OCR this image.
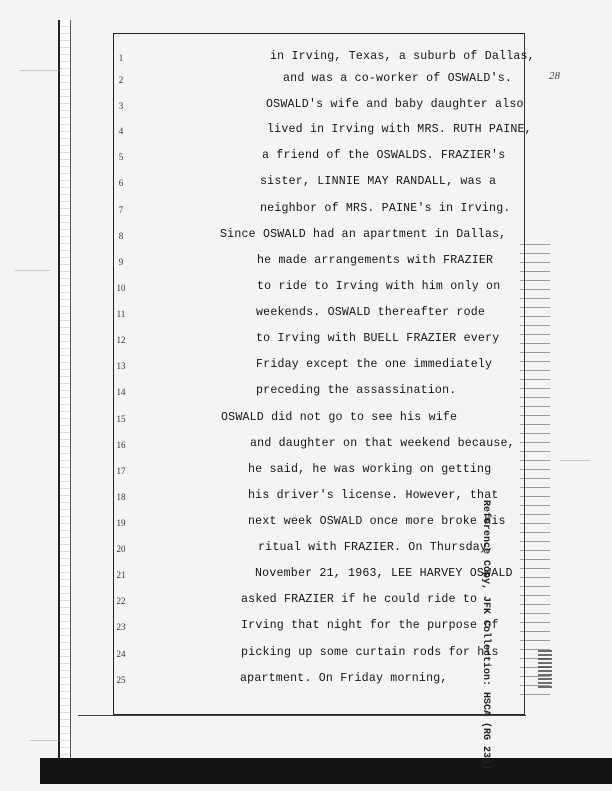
28
Reference Copy, JFK Collection: HSCA (RG 233)
1
2
3
4
5
6
7
8
9
10
11
12
13
14
15
16
17
18
19
20
21
22
23
24
25
in Irving, Texas, a suburb of Dallas,
and was a co-worker of OSWALD's.
OSWALD's wife and baby daughter also
lived in Irving with MRS. RUTH PAINE,
a friend of the OSWALDS. FRAZIER's
sister, LINNIE MAY RANDALL, was a
neighbor of MRS. PAINE's in Irving.
Since OSWALD had an apartment in Dallas,
he made arrangements with FRAZIER
to ride to Irving with him only on
weekends. OSWALD thereafter rode
to Irving with BUELL FRAZIER every
Friday except the one immediately
preceding the assassination.
OSWALD did not go to see his wife
and daughter on that weekend because,
he said, he was working on getting
his driver's license. However, that
next week OSWALD once more broke his
ritual with FRAZIER. On Thursday,
November 21, 1963, LEE HARVEY OSWALD
asked FRAZIER if he could ride to
Irving that night for the purpose of
picking up some curtain rods for his
apartment. On Friday morning,
